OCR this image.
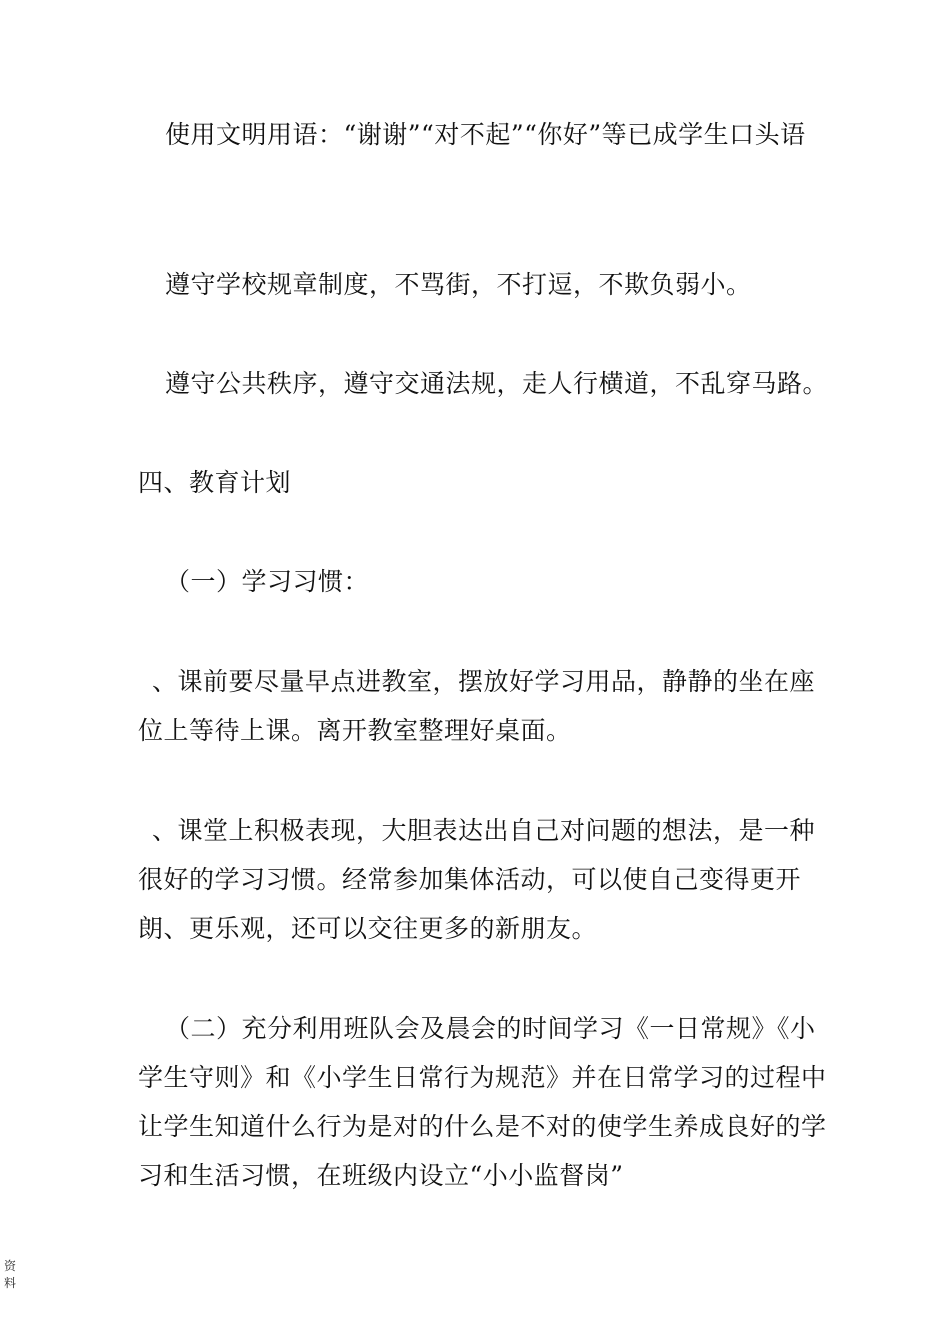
使用文明用语：“谢谢”“对不起”“你好”等已成学生口头语

遵守学校规章制度，不骂街，不打逗，不欺负弱小。

遵守公共秩序，遵守交通法规，走人行横道，不乱穿马路。

四、教育计划

（一）学习习惯：

、课前要尽量早点进教室，摆放好学习用品，静静的坐在座位上等待上课。离开教室整理好桌面。

、课堂上积极表现，大胆表达出自己对问题的想法，是一种很好的学习习惯。经常参加集体活动，可以使自己变得更开朗、更乐观，还可以交往更多的新朋友。

（二）充分利用班队会及晨会的时间学习《一日常规》《小学生守则》和《小学生日常行为规范》并在日常学习的过程中让学生知道什么行为是对的什么是不对的使学生养成良好的学习和生活习惯，在班级内设立“小小监督岗”

资料
